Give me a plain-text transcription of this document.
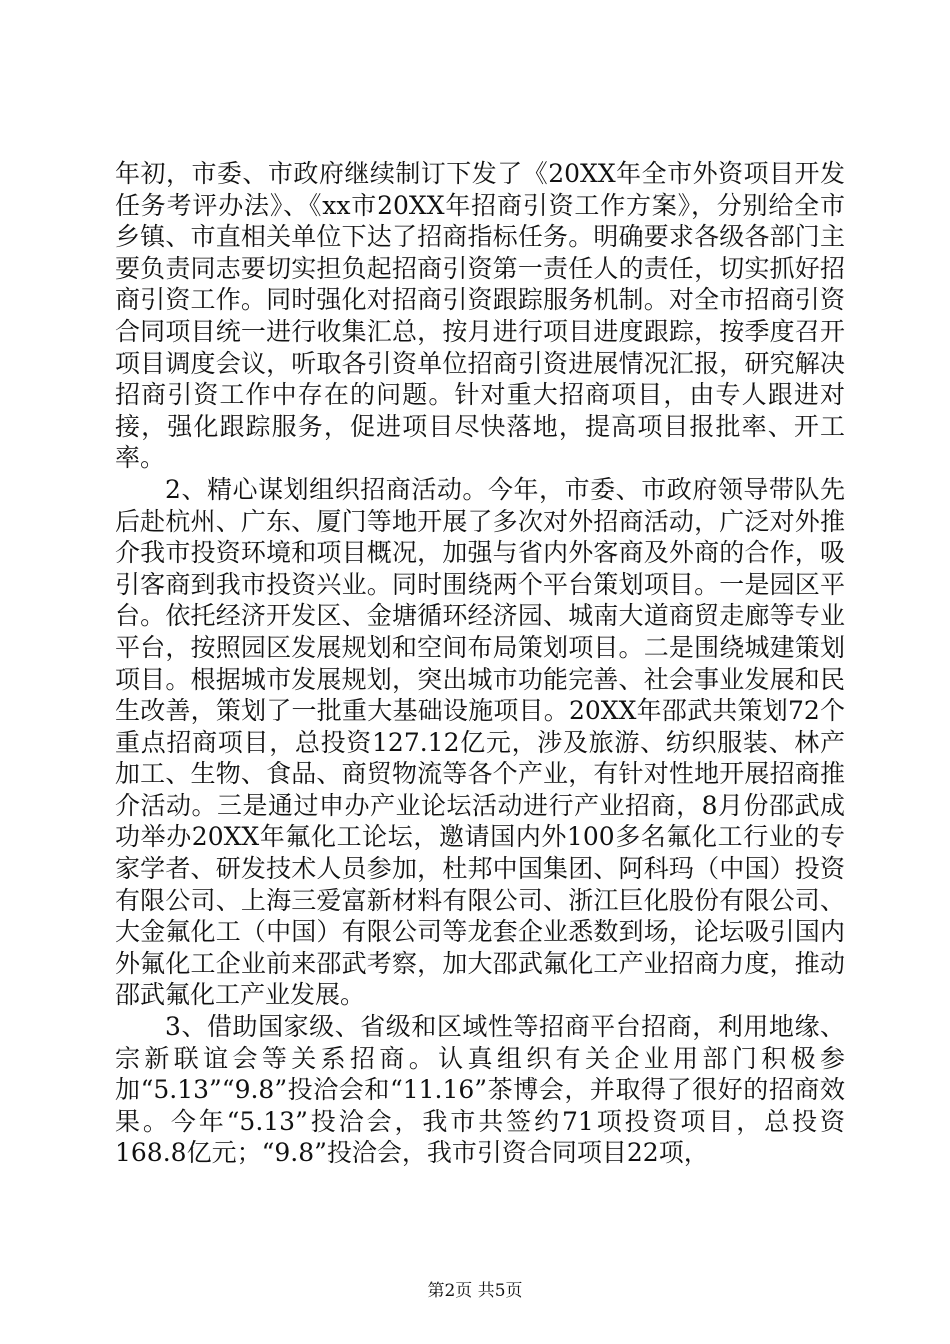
年初，市委、市政府继续制订下发了《20XX年全市外资项目开发任务考评办法》、《xx市20XX年招商引资工作方案》，分别给全市乡镇、市直相关单位下达了招商指标任务。明确要求各级各部门主要负责同志要切实担负起招商引资第一责任人的责任，切实抓好招商引资工作。同时强化对招商引资跟踪服务机制。对全市招商引资合同项目统一进行收集汇总，按月进行项目进度跟踪，按季度召开项目调度会议，听取各引资单位招商引资进展情况汇报，研究解决招商引资工作中存在的问题。针对重大招商项目，由专人跟进对接，强化跟踪服务，促进项目尽快落地，提高项目报批率、开工率。

2、精心谋划组织招商活动。今年，市委、市政府领导带队先后赴杭州、广东、厦门等地开展了多次对外招商活动，广泛对外推介我市投资环境和项目概况，加强与省内外客商及外商的合作，吸引客商到我市投资兴业。同时围绕两个平台策划项目。一是园区平台。依托经济开发区、金塘循环经济园、城南大道商贸走廊等专业平台，按照园区发展规划和空间布局策划项目。二是围绕城建策划项目。根据城市发展规划，突出城市功能完善、社会事业发展和民生改善，策划了一批重大基础设施项目。20XX年邵武共策划72个重点招商项目，总投资127.12亿元，涉及旅游、纺织服装、林产加工、生物、食品、商贸物流等各个产业，有针对性地开展招商推介活动。三是通过申办产业论坛活动进行产业招商，8月份邵武成功举办20XX年氟化工论坛，邀请国内外100多名氟化工行业的专家学者、研发技术人员参加，杜邦中国集团、阿科玛（中国）投资有限公司、上海三爱富新材料有限公司、浙江巨化股份有限公司、大金氟化工（中国）有限公司等龙套企业悉数到场，论坛吸引国内外氟化工企业前来邵武考察，加大邵武氟化工产业招商力度，推动邵武氟化工产业发展。

3、借助国家级、省级和区域性等招商平台招商，利用地缘、宗新联谊会等关系招商。认真组织有关企业用部门积极参加“5.13”“9.8”投洽会和“11.16”茶博会，并取得了很好的招商效果。今年“5.13”投洽会，我市共签约71项投资项目，总投资168.8亿元；“9.8”投洽会，我市引资合同项目22项，

第2页 共5页
